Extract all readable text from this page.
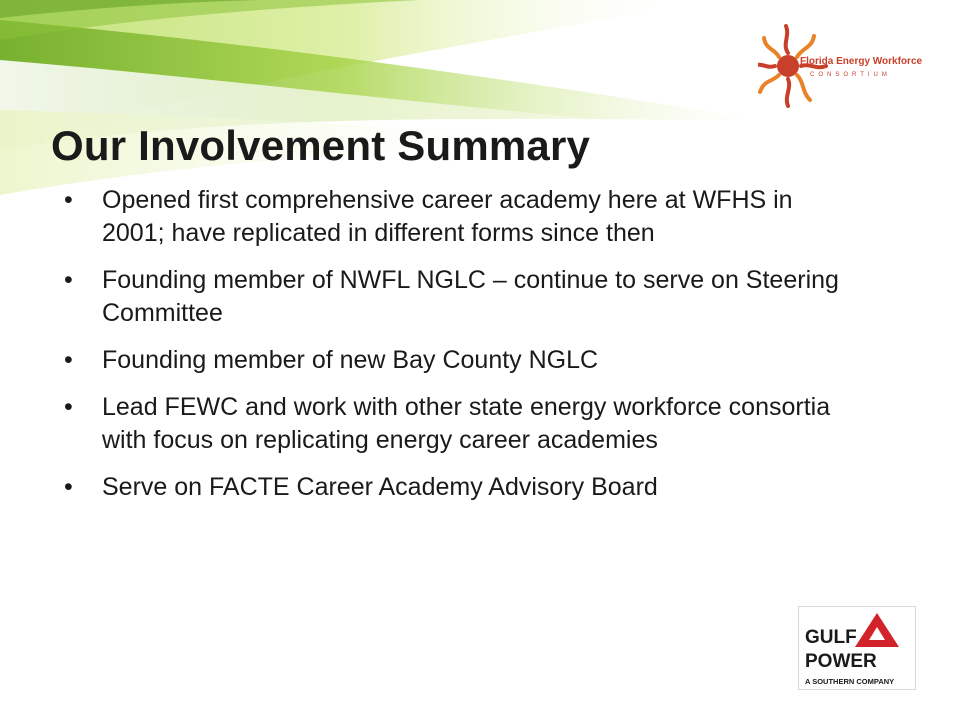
Florida Energy Workforce
CONSORTIUM
Our Involvement Summary
•	Opened first comprehensive career academy here at WFHS in 2001; have replicated in different forms since then
•	Founding member of NWFL NGLC – continue to serve on Steering Committee
•	Founding member of new Bay County NGLC
•	Lead FEWC and work with other state energy workforce consortia with focus on replicating energy career academies
•	Serve on FACTE Career Academy Advisory Board
GULF
POWER
A SOUTHERN COMPANY
